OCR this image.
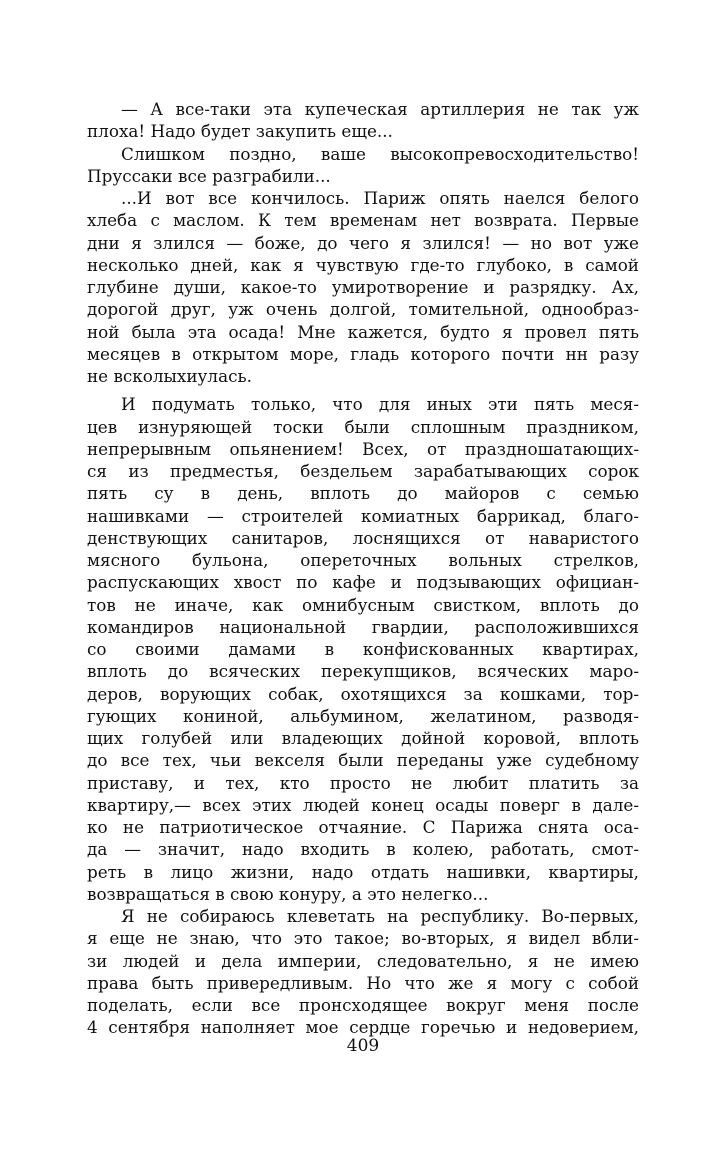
— А все-таки эта купеческая артиллерия не так уж
плоха! Надо будет закупить еще...
Слишком поздно, ваше высокопревосходительство!
Пруссаки все разграбили...
...И вот все кончилось. Париж опять наелся белого
хлеба с маслом. К тем временам нет возврата. Первые
дни я злился — боже, до чего я злился! — но вот уже
несколько дней, как я чувствую где-то глубоко, в самой
глубине души, какое-то умиротворение и разрядку. Ах,
дорогой друг, уж очень долгой, томительной, однообраз-
ной была эта осада! Мне кажется, будто я провел пять
месяцев в открытом море, гладь которого почти нн разу
не всколыхиулась.
И подумать только, что для иных эти пять меся-
цев изнуряющей тоски были сплошным праздником,
непрерывным опьянением! Всех, от праздношатающих-
ся из предместья, бездельем зарабатывающих сорок
пять су в день, вплоть до майоров с семью
нашивками — строителей комиатных баррикад, благо-
денствующих санитаров, лоснящихся от наваристого
мясного бульона, опереточных вольных стрелков,
распускающих хвост по кафе и подзывающих официан-
тов не иначе, как омнибусным свистком, вплоть до
командиров национальной гвардии, расположившихся
со своими дамами в конфискованных квартирах,
вплоть до всяческих перекупщиков, всяческих маро-
деров, ворующих собак, охотящихся за кошками, тор-
гующих кониной, альбумином, желатином, разводя-
щих голубей или владеющих дойной коровой, вплоть
до все тех, чьи векселя были переданы уже судебному
приставу, и тех, кто просто не любит платить за
квартиру,— всех этих людей конец осады поверг в дале-
ко не патриотическое отчаяние. С Парижа снята оса-
да — значит, надо входить в колею, работать, смот-
реть в лицо жизни, надо отдать нашивки, квартиры,
возвращаться в свою конуру, а это нелегко...
Я не собираюсь клеветать на республику. Во-первых,
я еще не знаю, что это такое; во-вторых, я видел вбли-
зи людей и дела империи, следовательно, я не имею
права быть привередливым. Но что же я могу с собой
поделать, если все пронсходящее вокруг меня после
4 сентября наполняет мое сердце горечью и недоверием,
409
